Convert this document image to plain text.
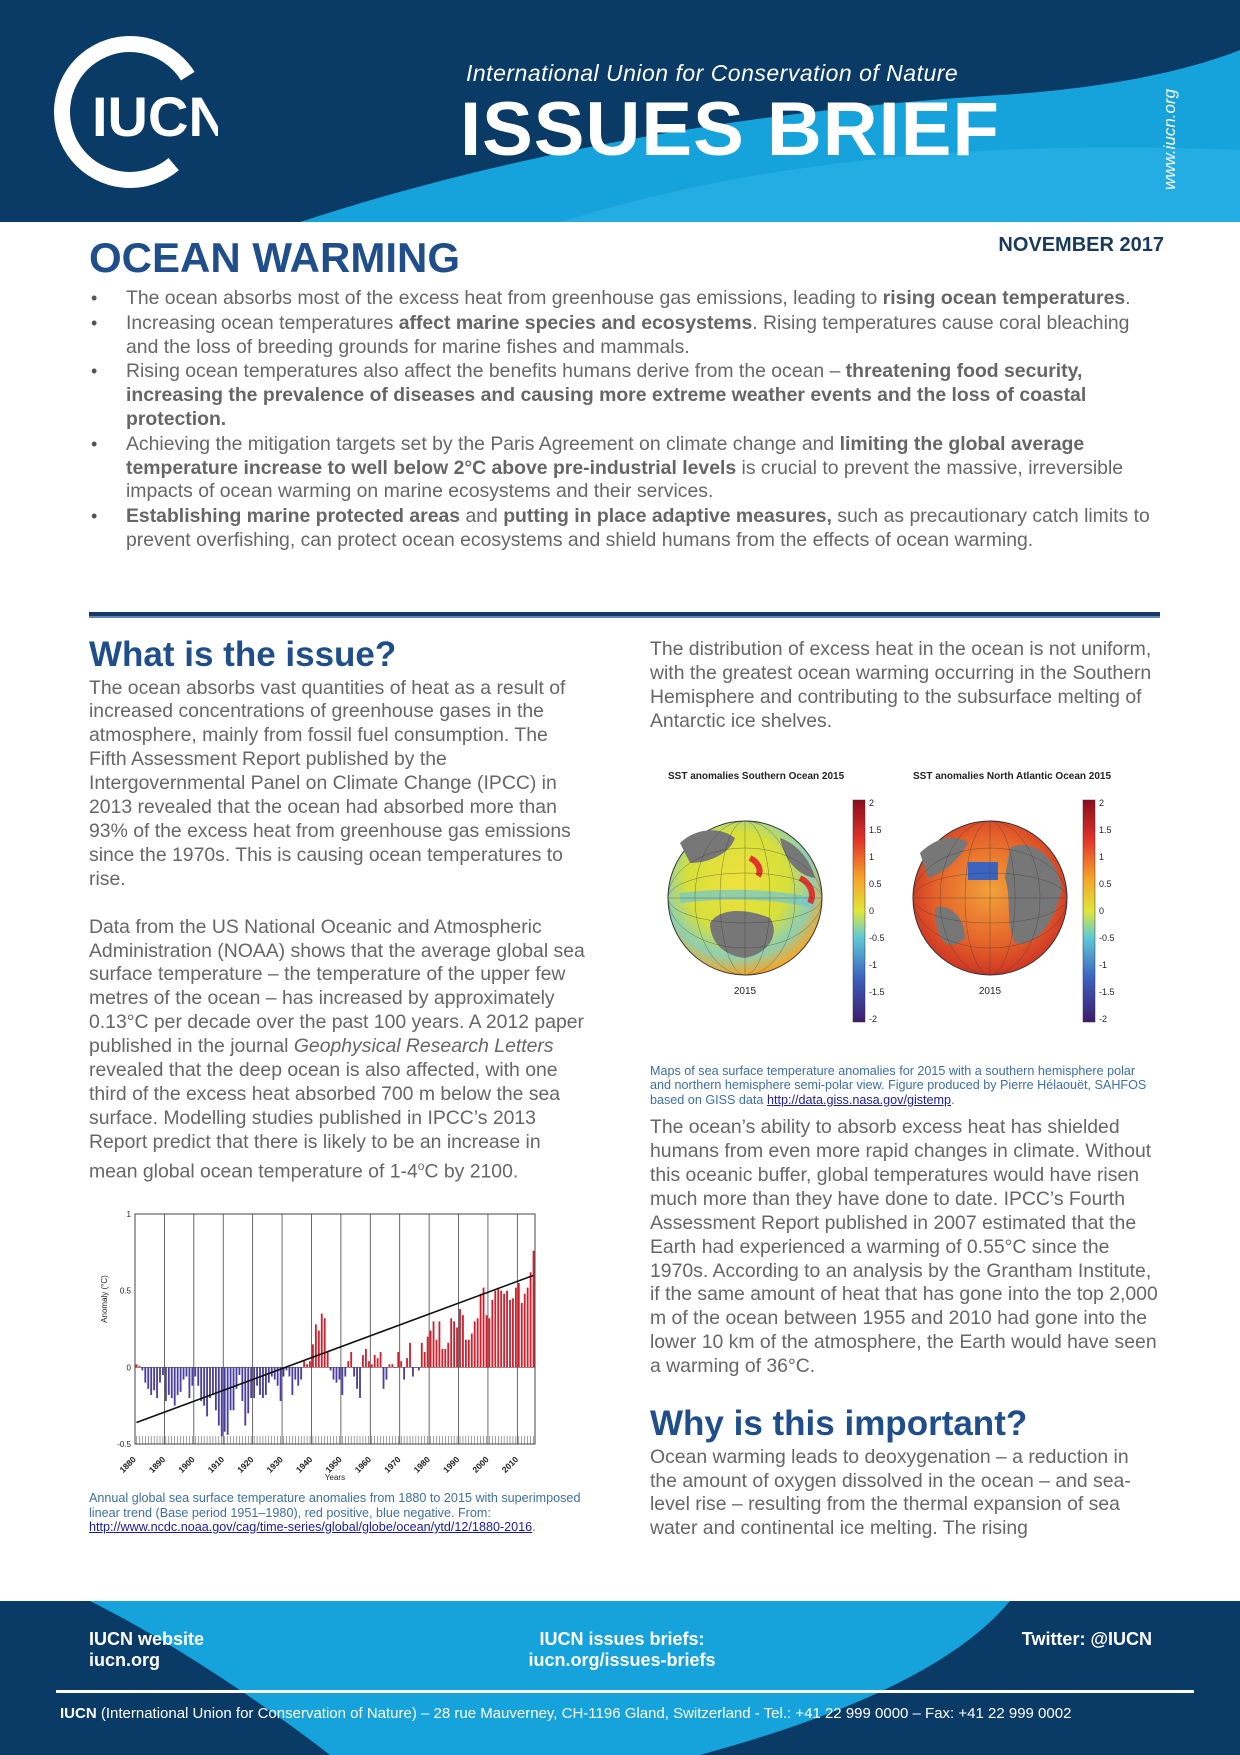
IUCN
International Union for Conservation of Nature
ISSUES BRIEF	www.iucn.org
OCEAN WARMING	NOVEMBER 2017
• The ocean absorbs most of the excess heat from greenhouse gas emissions, leading to rising ocean temperatures.
• Increasing ocean temperatures affect marine species and ecosystems. Rising temperatures cause coral bleaching and the loss of breeding grounds for marine fishes and mammals.
• Rising ocean temperatures also affect the benefits humans derive from the ocean – threatening food security, increasing the prevalence of diseases and causing more extreme weather events and the loss of coastal protection.
• Achieving the mitigation targets set by the Paris Agreement on climate change and limiting the global average temperature increase to well below 2°C above pre-industrial levels is crucial to prevent the massive, irreversible impacts of ocean warming on marine ecosystems and their services.
• Establishing marine protected areas and putting in place adaptive measures, such as precautionary catch limits to prevent overfishing, can protect ocean ecosystems and shield humans from the effects of ocean warming.
What is the issue?

The ocean absorbs vast quantities of heat as a result of increased concentrations of greenhouse gases in the atmosphere, mainly from fossil fuel consumption. The Fifth Assessment Report published by the Intergovernmental Panel on Climate Change (IPCC) in 2013 revealed that the ocean had absorbed more than 93% of the excess heat from greenhouse gas emissions since the 1970s. This is causing ocean temperatures to rise.

Data from the US National Oceanic and Atmospheric Administration (NOAA) shows that the average global sea surface temperature – the temperature of the upper few metres of the ocean – has increased by approximately 0.13°C per decade over the past 100 years. A 2012 paper published in the journal Geophysical Research Letters revealed that the deep ocean is also affected, with one third of the excess heat absorbed 700 m below the sea surface. Modelling studies published in IPCC’s 2013 Report predict that there is likely to be an increase in mean global ocean temperature of 1-4$^o$C by 2100.

1
0.5
0
-0.5
1880 1890 1900 1910 1920 1930 1940 1950 1960 1970 1980 1990 2000 2010
Years
Anomaly (°C)

Annual global sea surface temperature anomalies from 1880 to 2015 with superimposed linear trend (Base period 1951–1980), red positive, blue negative. From:
http://www.ncdc.noaa.gov/cag/time-series/global/globe/ocean/ytd/12/1880-2016.

The distribution of excess heat in the ocean is not uniform, with the greatest ocean warming occurring in the Southern Hemisphere and contributing to the subsurface melting of Antarctic ice shelves.

SST anomalies Southern Ocean 2015	SST anomalies North Atlantic Ocean 2015
2015
2
1.5
1
0.5
0
-0.5
-1
-1.5
-2
2015
2
1.5
1
0.5
0
-0.5
-1
-1.5
-2

Maps of sea surface temperature anomalies for 2015 with a southern hemisphere polar and northern hemisphere semi-polar view. Figure produced by Pierre Hélaouët, SAHFOS based on GISS data http://data.giss.nasa.gov/gistemp.

The ocean’s ability to absorb excess heat has shielded humans from even more rapid changes in climate. Without this oceanic buffer, global temperatures would have risen much more than they have done to date. IPCC’s Fourth Assessment Report published in 2007 estimated that the Earth had experienced a warming of 0.55°C since the 1970s. According to an analysis by the Grantham Institute, if the same amount of heat that has gone into the top 2,000 m of the ocean between 1955 and 2010 had gone into the lower 10 km of the atmosphere, the Earth would have seen a warming of 36°C.

Why is this important?

Ocean warming leads to deoxygenation – a reduction in the amount of oxygen dissolved in the ocean – and sea-level rise – resulting from the thermal expansion of sea water and continental ice melting. The rising

IUCN website
iucn.org
IUCN issues briefs:
iucn.org/issues-briefs
Twitter: @IUCN
IUCN (International Union for Conservation of Nature) – 28 rue Mauverney, CH-1196 Gland, Switzerland - Tel.: +41 22 999 0000 – Fax: +41 22 999 0002
